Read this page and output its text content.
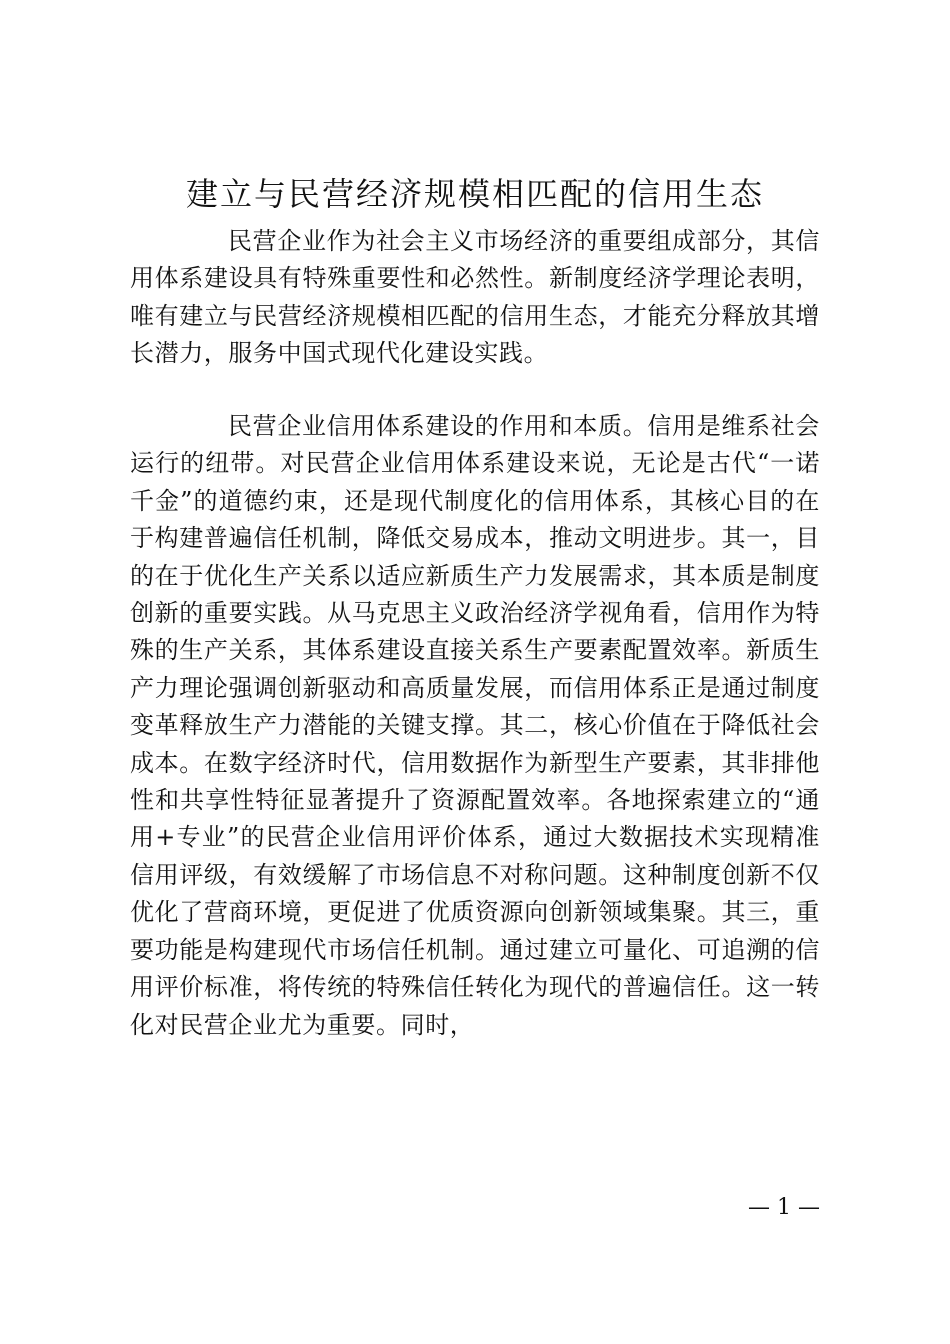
建立与民营经济规模相匹配的信用生态

民营企业作为社会主义市场经济的重要组成部分，其信用体系建设具有特殊重要性和必然性。新制度经济学理论表明，唯有建立与民营经济规模相匹配的信用生态，才能充分释放其增长潜力，服务中国式现代化建设实践。

民营企业信用体系建设的作用和本质。信用是维系社会运行的纽带。对民营企业信用体系建设来说，无论是古代“一诺千金”的道德约束，还是现代制度化的信用体系，其核心目的在于构建普遍信任机制，降低交易成本，推动文明进步。其一，目的在于优化生产关系以适应新质生产力发展需求，其本质是制度创新的重要实践。从马克思主义政治经济学视角看，信用作为特殊的生产关系，其体系建设直接关系生产要素配置效率。新质生产力理论强调创新驱动和高质量发展，而信用体系正是通过制度变革释放生产力潜能的关键支撑。其二，核心价值在于降低社会成本。在数字经济时代，信用数据作为新型生产要素，其非排他性和共享性特征显著提升了资源配置效率。各地探索建立的“通用+专业”的民营企业信用评价体系，通过大数据技术实现精准信用评级，有效缓解了市场信息不对称问题。这种制度创新不仅优化了营商环境，更促进了优质资源向创新领域集聚。其三，重要功能是构建现代市场信任机制。通过建立可量化、可追溯的信用评价标准，将传统的特殊信任转化为现代的普遍信任。这一转化对民营企业尤为重要。同时，

— 1 —
